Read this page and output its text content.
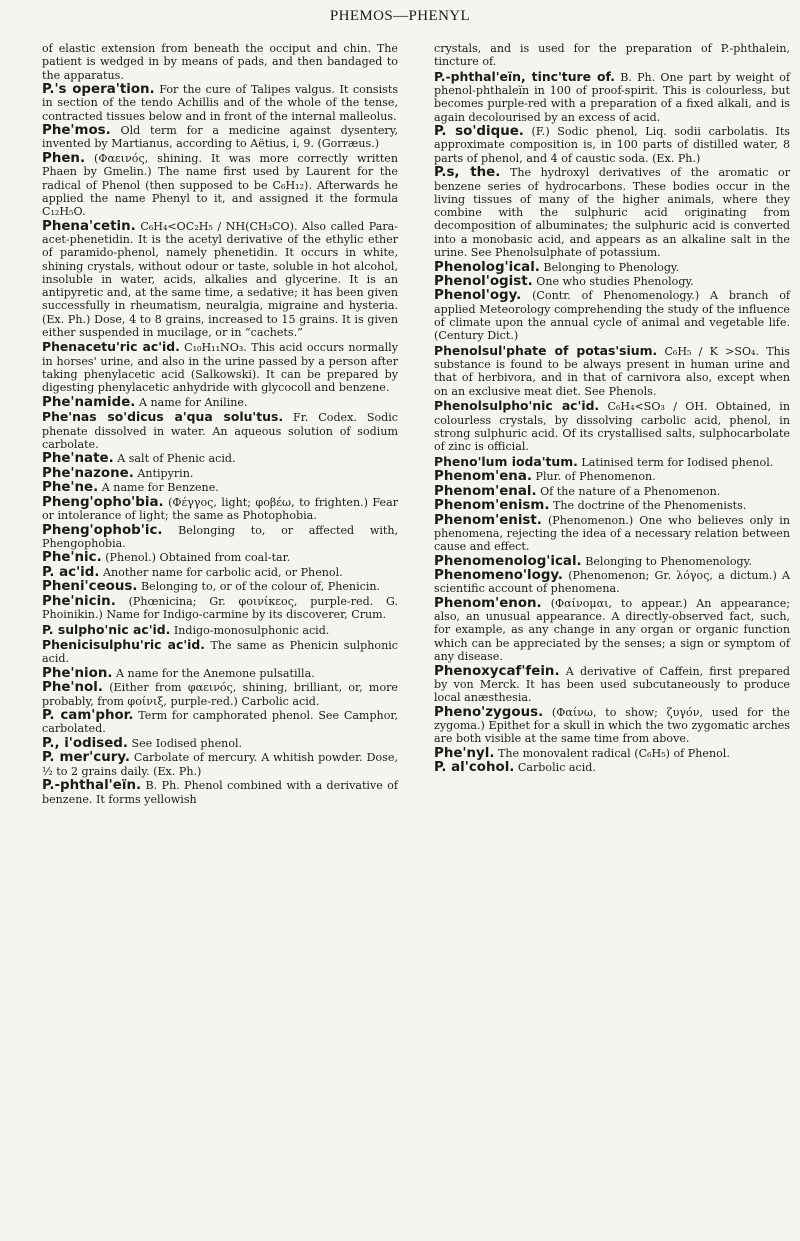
PHEMOS—PHENYL

of elastic extension from beneath the occiput and chin. The patient is wedged in by means of pads, and then bandaged to the apparatus.

P.'s opera'tion. For the cure of Talipes valgus. It consists in section of the tendo Achillis and of the whole of the tense, contracted tissues below and in front of the internal malleolus.

Phe'mos. Old term for a medicine against dysentery, invented by Martianus, according to Aëtius, i, 9. (Gorræus.)

Phen. (Φαεινός, shining. It was more correctly written Phaen by Gmelin.) The name first used by Laurent for the radical of Phenol (then supposed to be C₆H₁₂). Afterwards he applied the name Phenyl to it, and assigned it the formula C₁₂H₅O.

Phena'cetin. C₆H₄<OC₂H₅ / NH(CH₃CO). Also called Para-acet-phenetidin. It is the acetyl derivative of the ethylic ether of paramido-phenol, namely phenetidin. It occurs in white, shining crystals, without odour or taste, soluble in hot alcohol, insoluble in water, acids, alkalies and glycerine. It is an antipyretic and, at the same time, a sedative; it has been given successfully in rheumatism, neuralgia, migraine and hysteria. (Ex. Ph.) Dose, 4 to 8 grains, increased to 15 grains. It is given either suspended in mucilage, or in “cachets.”

Phenacetu'ric ac'id. C₁₀H₁₁NO₃. This acid occurs normally in horses' urine, and also in the urine passed by a person after taking phenylacetic acid (Salkowski). It can be prepared by digesting phenylacetic anhydride with glycocoll and benzene.

Phe'namide. A name for Aniline.

Phe'nas so'dicus a'qua solu'tus. Fr. Codex. Sodic phenate dissolved in water. An aqueous solution of sodium carbolate.

Phe'nate. A salt of Phenic acid.

Phe'nazone. Antipyrin.

Phe'ne. A name for Benzene.

Pheng'opho'bia. (Φέγγος, light; φοβέω, to frighten.) Fear or intolerance of light; the same as Photophobia.

Pheng'ophob'ic. Belonging to, or affected with, Phengophobia.

Phe'nic. (Phenol.) Obtained from coal-tar.

P. ac'id. Another name for carbolic acid, or Phenol.

Pheni'ceous. Belonging to, or of the colour of, Phenicin.

Phe'nicin. (Phœnicina; Gr. φοινίκεος, purple-red. G. Phoinikin.) Name for Indigo-carmine by its discoverer, Crum.

P. sulpho'nic ac'id. Indigo-monosulphonic acid.

Phenicisulphu'ric ac'id. The same as Phenicin sulphonic acid.

Phe'nion. A name for the Anemone pulsatilla.

Phe'nol. (Either from φαεινός, shining, brilliant, or, more probably, from φοίνιξ, purple-red.) Carbolic acid.

P. cam'phor. Term for camphorated phenol. See Camphor, carbolated.

P., i'odised. See Iodised phenol.

P. mer'cury. Carbolate of mercury. A whitish powder. Dose, ½ to 2 grains daily. (Ex. Ph.)

P.-phthal'eïn. B. Ph. Phenol combined with a derivative of benzene. It forms yellowish

crystals, and is used for the preparation of P.-phthalein, tincture of.

P.-phthal'eïn, tinc'ture of. B. Ph. One part by weight of phenol-phthaleïn in 100 of proof-spirit. This is colourless, but becomes purple-red with a preparation of a fixed alkali, and is again decolourised by an excess of acid.

P. so'dique. (F.) Sodic phenol, Liq. sodii carbolatis. Its approximate composition is, in 100 parts of distilled water, 8 parts of phenol, and 4 of caustic soda. (Ex. Ph.)

P.s, the. The hydroxyl derivatives of the aromatic or benzene series of hydrocarbons. These bodies occur in the living tissues of many of the higher animals, where they combine with the sulphuric acid originating from decomposition of albuminates; the sulphuric acid is converted into a monobasic acid, and appears as an alkaline salt in the urine. See Phenolsulphate of potassium.

Phenolog'ical. Belonging to Phenology.

Phenol'ogist. One who studies Phenology.

Phenol'ogy. (Contr. of Phenomenology.) A branch of applied Meteorology comprehending the study of the influence of climate upon the annual cycle of animal and vegetable life. (Century Dict.)

Phenolsul'phate of potas'sium. C₆H₅ / K >SO₄. This substance is found to be always present in human urine and that of herbivora, and in that of carnivora also, except when on an exclusive meat diet. See Phenols.

Phenolsulpho'nic ac'id. C₆H₄<SO₃ / OH. Obtained, in colourless crystals, by dissolving carbolic acid, phenol, in strong sulphuric acid. Of its crystallised salts, sulphocarbolate of zinc is official.

Pheno'lum ioda'tum. Latinised term for Iodised phenol.

Phenom'ena. Plur. of Phenomenon.

Phenom'enal. Of the nature of a Phenomenon.

Phenom'enism. The doctrine of the Phenomenists.

Phenom'enist. (Phenomenon.) One who believes only in phenomena, rejecting the idea of a necessary relation between cause and effect.

Phenomenolog'ical. Belonging to Phenomenology.

Phenomeno'logy. (Phenomenon; Gr. λόγος, a dictum.) A scientific account of phenomena.

Phenom'enon. (Φαίνομαι, to appear.) An appearance; also, an unusual appearance. A directly-observed fact, such, for example, as any change in any organ or organic function which can be appreciated by the senses; a sign or symptom of any disease.

Phenoxycaf'fein. A derivative of Caffein, first prepared by von Merck. It has been used subcutaneously to produce local anæsthesia.

Pheno'zygous. (Φαίνω, to show; ζυγόν, used for the zygoma.) Epithet for a skull in which the two zygomatic arches are both visible at the same time from above.

Phe'nyl. The monovalent radical (C₆H₅) of Phenol.

P. al'cohol. Carbolic acid.
